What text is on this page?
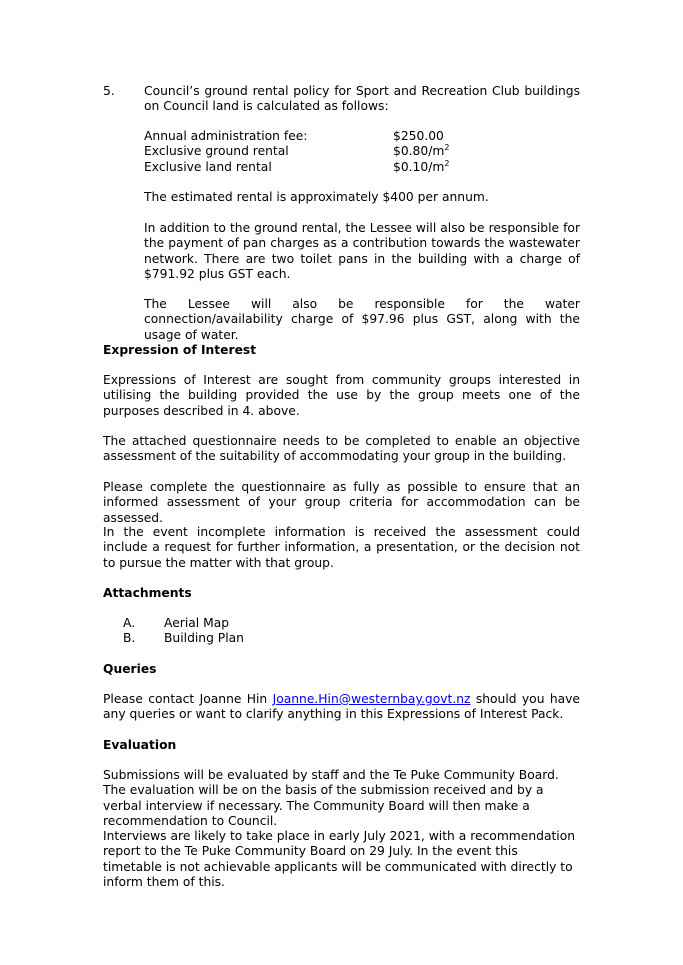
5. Council’s ground rental policy for Sport and Recreation Club buildings on Council land is calculated as follows:

Annual administration fee:	$250.00
Exclusive ground rental	$\$0.80/m^2$
Exclusive land rental	$\$0.10/m^2$

The estimated rental is approximately $400 per annum.

In addition to the ground rental, the Lessee will also be responsible for the payment of pan charges as a contribution towards the wastewater network. There are two toilet pans in the building with a charge of $791.92 plus GST each.

The Lessee will also be responsible for the water connection/availability charge of $97.96 plus GST, along with the usage of water.

Expression of Interest

Expressions of Interest are sought from community groups interested in utilising the building provided the use by the group meets one of the purposes described in 4. above.

The attached questionnaire needs to be completed to enable an objective assessment of the suitability of accommodating your group in the building.

Please complete the questionnaire as fully as possible to ensure that an informed assessment of your group criteria for accommodation can be assessed.

In the event incomplete information is received the assessment could include a request for further information, a presentation, or the decision not to pursue the matter with that group.

Attachments

A. Aerial Map
B. Building Plan

Queries

Please contact Joanne Hin Joanne.Hin@westernbay.govt.nz should you have any queries or want to clarify anything in this Expressions of Interest Pack.

Evaluation

Submissions will be evaluated by staff and the Te Puke Community Board. The evaluation will be on the basis of the submission received and by a verbal interview if necessary. The Community Board will then make a recommendation to Council.

Interviews are likely to take place in early July 2021, with a recommendation report to the Te Puke Community Board on 29 July. In the event this timetable is not achievable applicants will be communicated with directly to inform them of this.
